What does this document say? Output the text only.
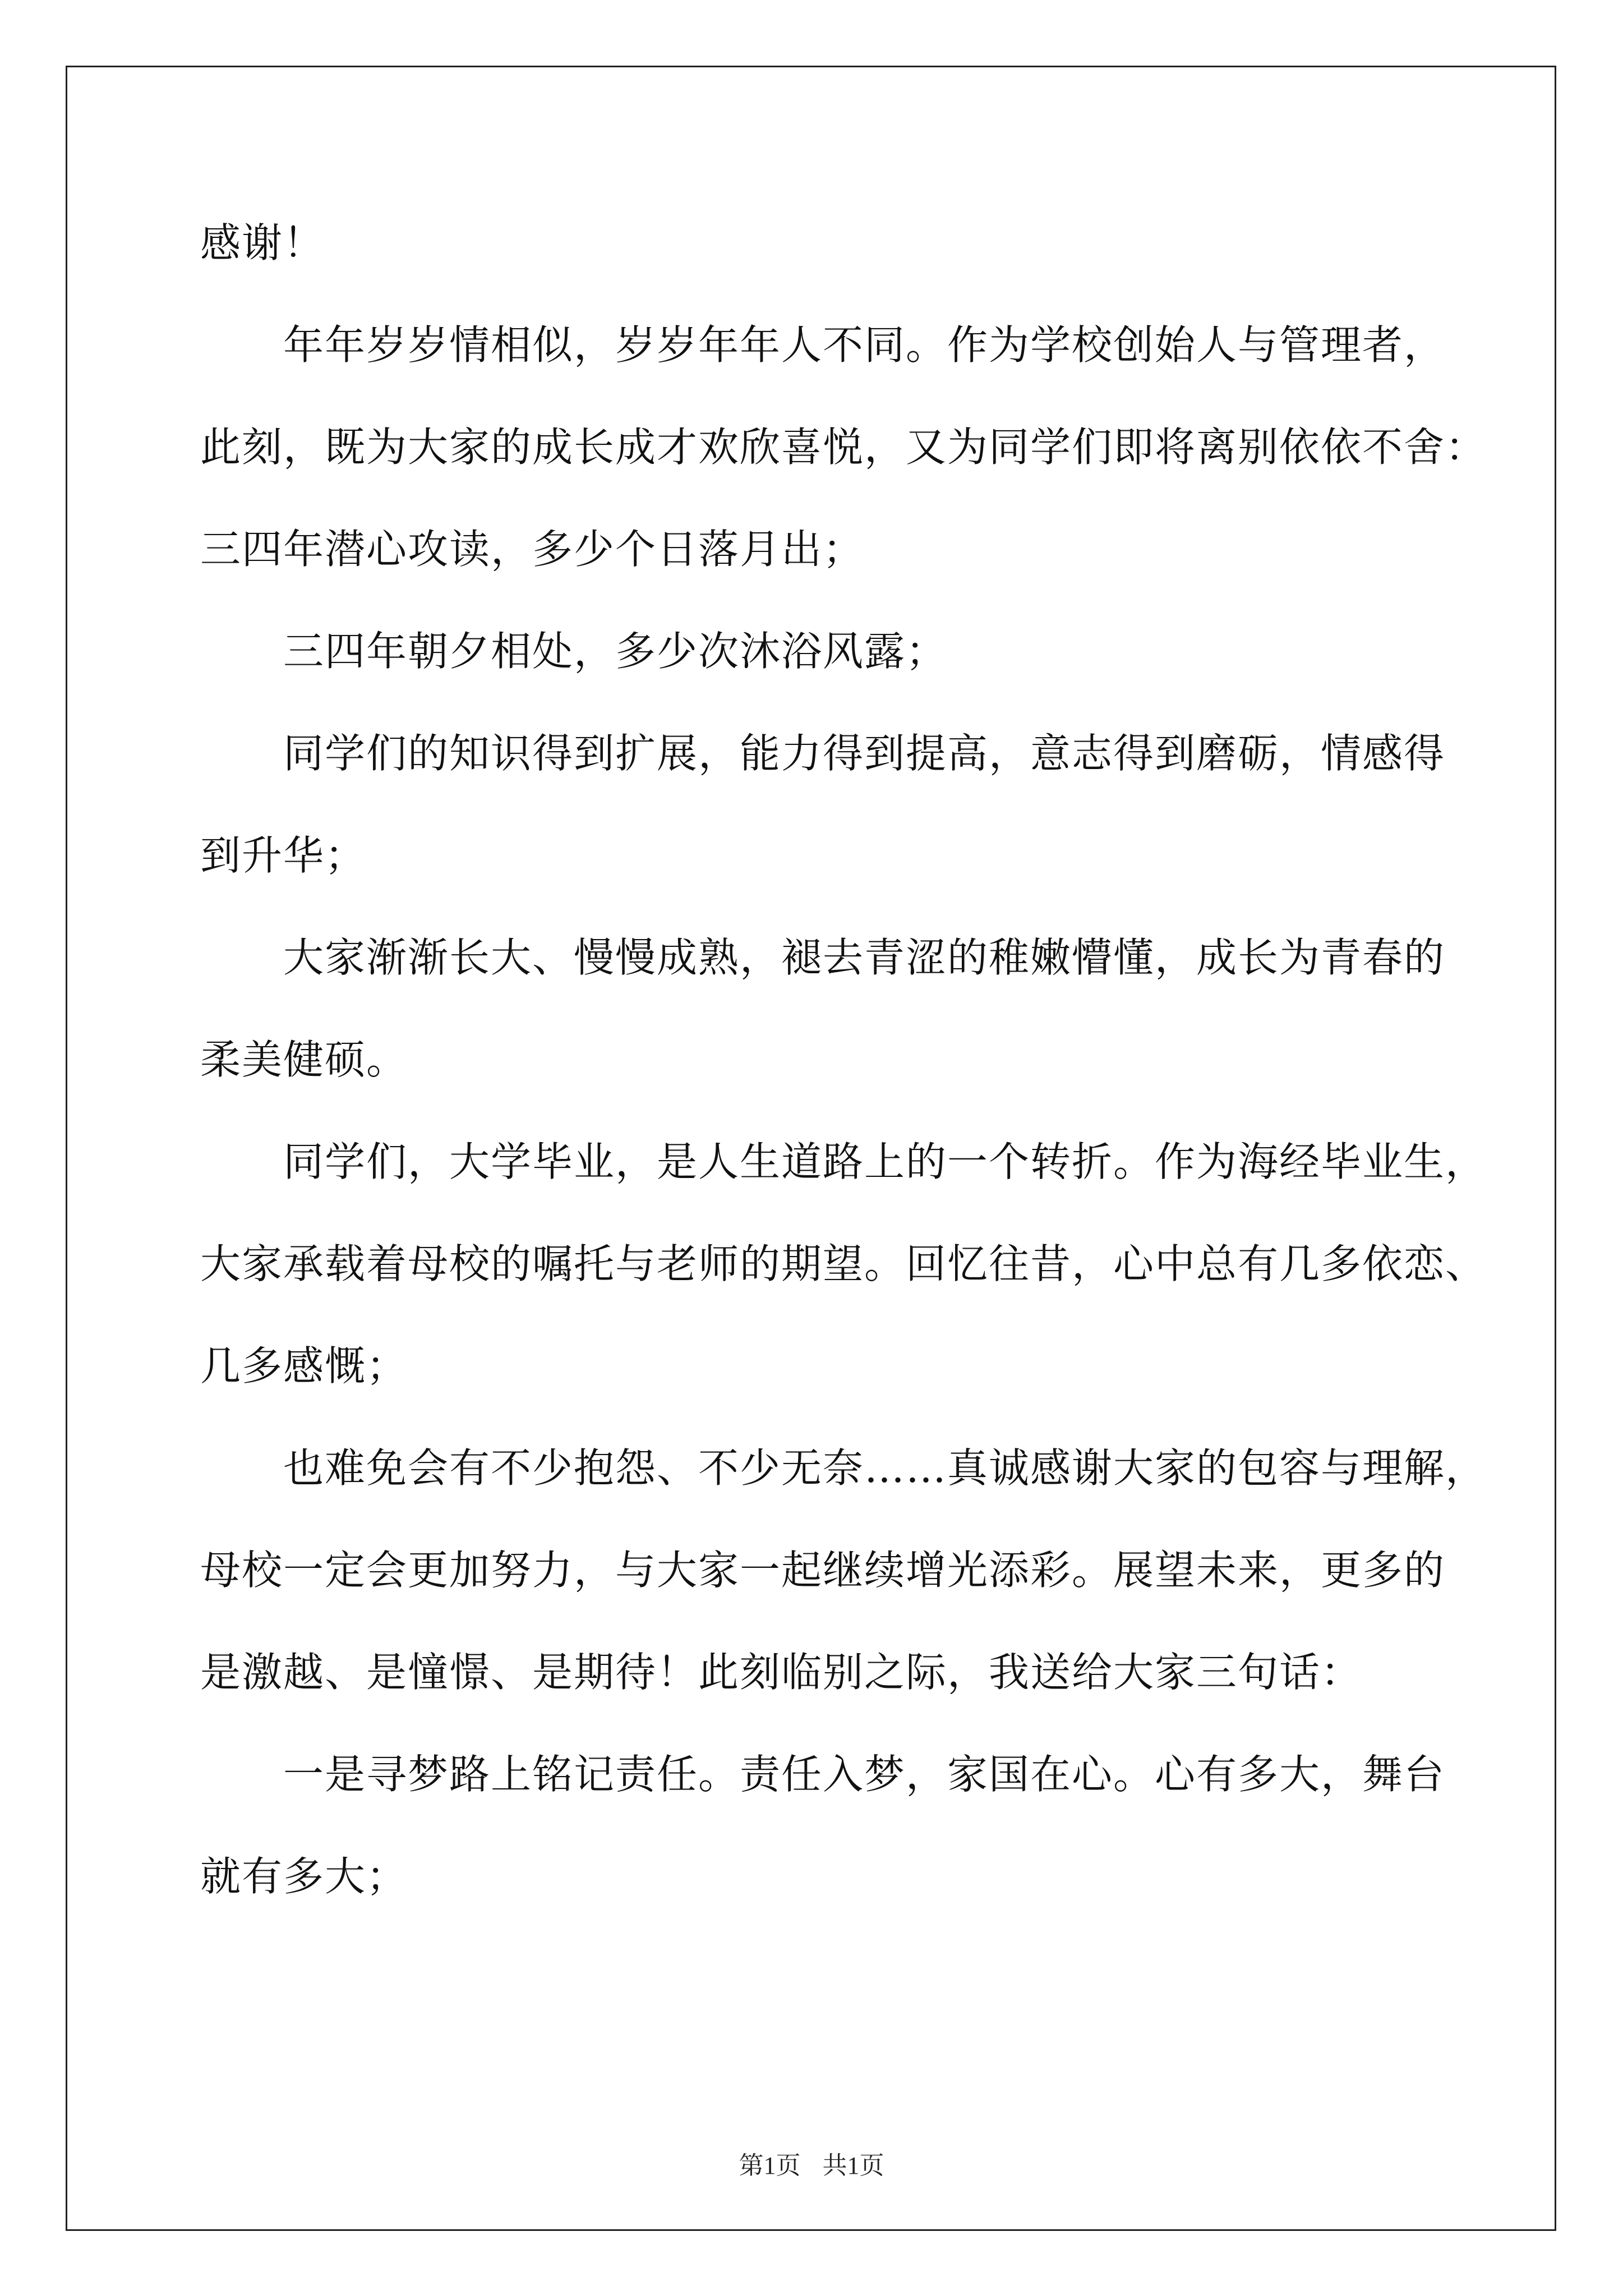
感谢！
年年岁岁情相似，岁岁年年人不同。作为学校创始人与管理者，
此刻，既为大家的成长成才欢欣喜悦，又为同学们即将离别依依不舍：
三四年潜心攻读，多少个日落月出；
三四年朝夕相处，多少次沐浴风露；
同学们的知识得到扩展，能力得到提高，意志得到磨砺，情感得
到升华；
大家渐渐长大、慢慢成熟，褪去青涩的稚嫩懵懂，成长为青春的
柔美健硕。
同学们，大学毕业，是人生道路上的一个转折。作为海经毕业生，
大家承载着母校的嘱托与老师的期望。回忆往昔，心中总有几多依恋、
几多感慨；
也难免会有不少抱怨、不少无奈……真诚感谢大家的包容与理解，
母校一定会更加努力，与大家一起继续增光添彩。展望未来，更多的
是激越、是憧憬、是期待！此刻临别之际，我送给大家三句话：
一是寻梦路上铭记责任。责任入梦，家国在心。心有多大，舞台
就有多大；
第1页 共1页
